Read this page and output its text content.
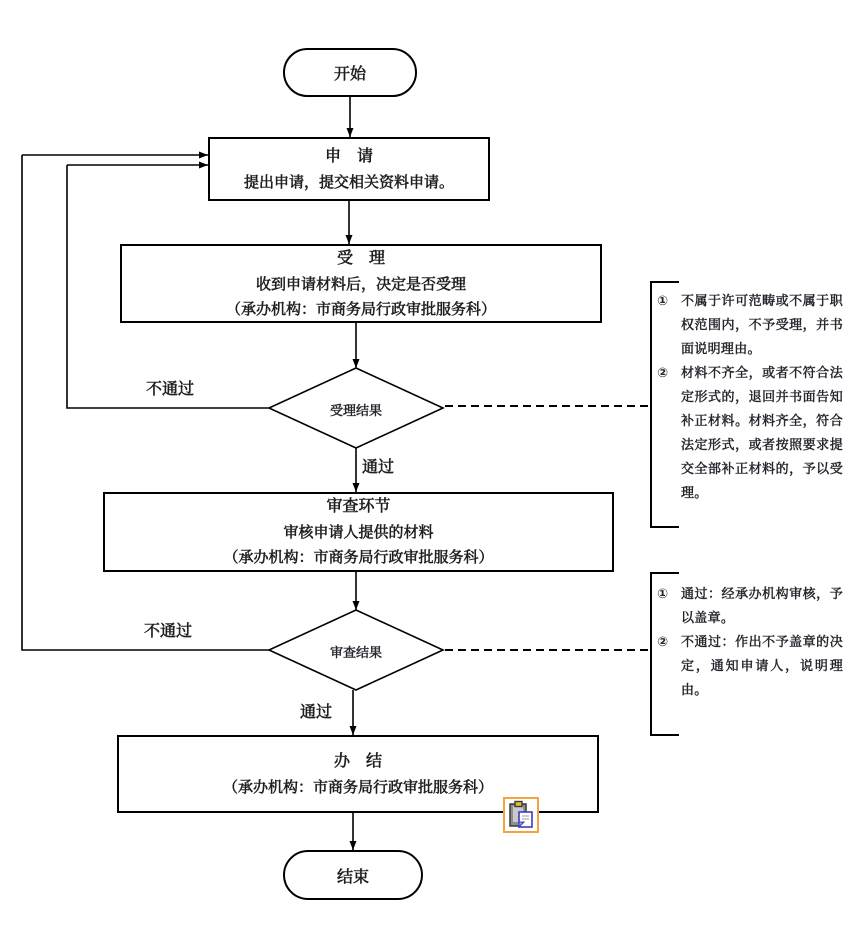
开始
申　请
提出申请，提交相关资料申请。
受　理
收到申请材料后，决定是否受理
（承办机构：市商务局行政审批服务科）
受理结果
审查环节
审核申请人提供的材料
（承办机构：市商务局行政审批服务科）
审查结果
办　结
（承办机构：市商务局行政审批服务科）
结束
不通过
通过
不通过
通过
① 不属于许可范畴或不属于职权范围内，不予受理，并书面说明理由。
② 材料不齐全，或者不符合法定形式的，退回并书面告知补正材料。材料齐全，符合法定形式，或者按照要求提交全部补正材料的，予以受理。
① 通过：经承办机构审核，予以盖章。
② 不通过：作出不予盖章的决定，通知申请人，说明理由。
